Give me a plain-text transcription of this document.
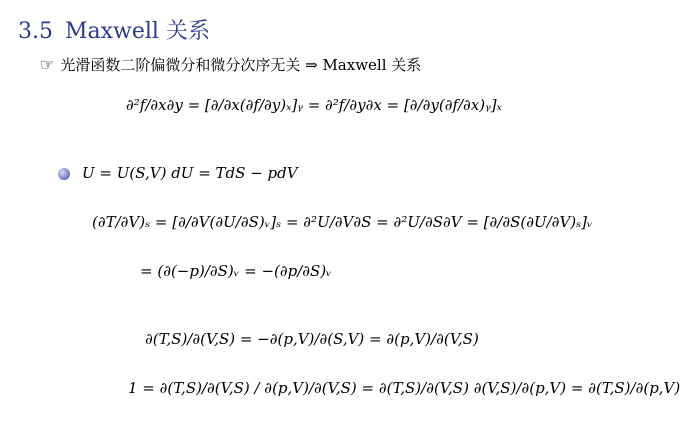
3.5 Maxwell 关系
☞ 光滑函数二阶偏微分和微分次序无关 ⇒ Maxwell 关系
∂²f/∂x∂y = [∂/∂x(∂f/∂y)ₓ]ᵧ = ∂²f/∂y∂x = [∂/∂y(∂f/∂x)ᵧ]ₓ
U = U(S,V) dU = TdS − pdV
(∂T/∂V)ₛ = [∂/∂V(∂U/∂S)ᵥ]ₛ = ∂²U/∂V∂S = ∂²U/∂S∂V = [∂/∂S(∂U/∂V)ₛ]ᵥ
= (∂(−p)/∂S)ᵥ = −(∂p/∂S)ᵥ
∂(T,S)/∂(V,S) = −∂(p,V)/∂(S,V) = ∂(p,V)/∂(V,S)
1 = ∂(T,S)/∂(V,S) / ∂(p,V)/∂(V,S) = ∂(T,S)/∂(V,S) ∂(V,S)/∂(p,V) = ∂(T,S)/∂(p,V)
